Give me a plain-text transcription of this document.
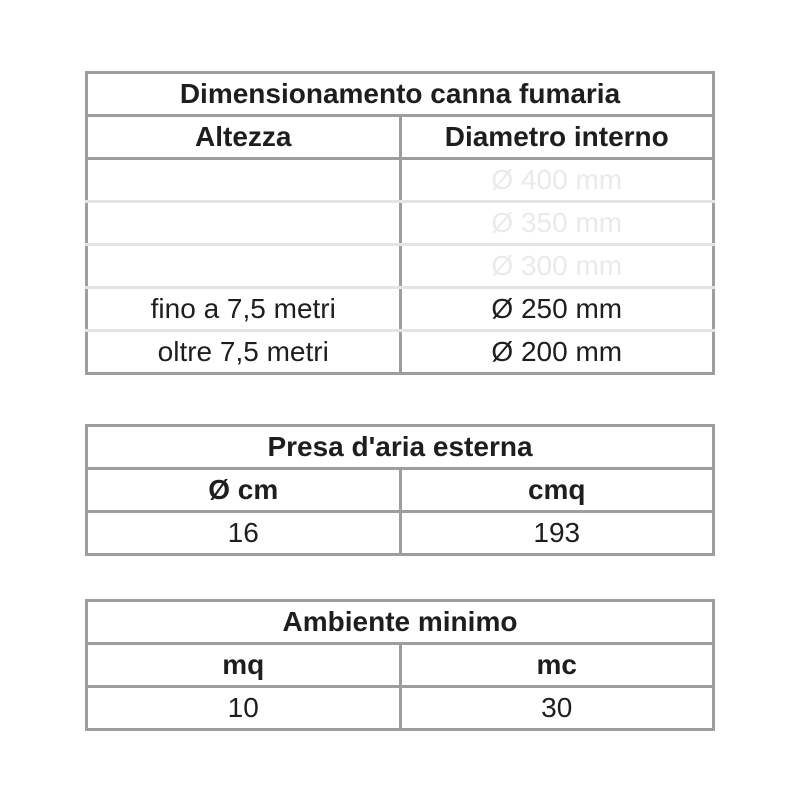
Dimensionamento canna fumaria	
Altezza	Diametro interno
	Ø 400 mm
	Ø 350 mm
	Ø 300 mm
fino a 7,5 metri	Ø 250 mm
oltre 7,5 metri	Ø 200 mm
Presa d'aria esterna	
Ø cm	cmq
16	193
Ambiente minimo	
mq	mc
10	30
